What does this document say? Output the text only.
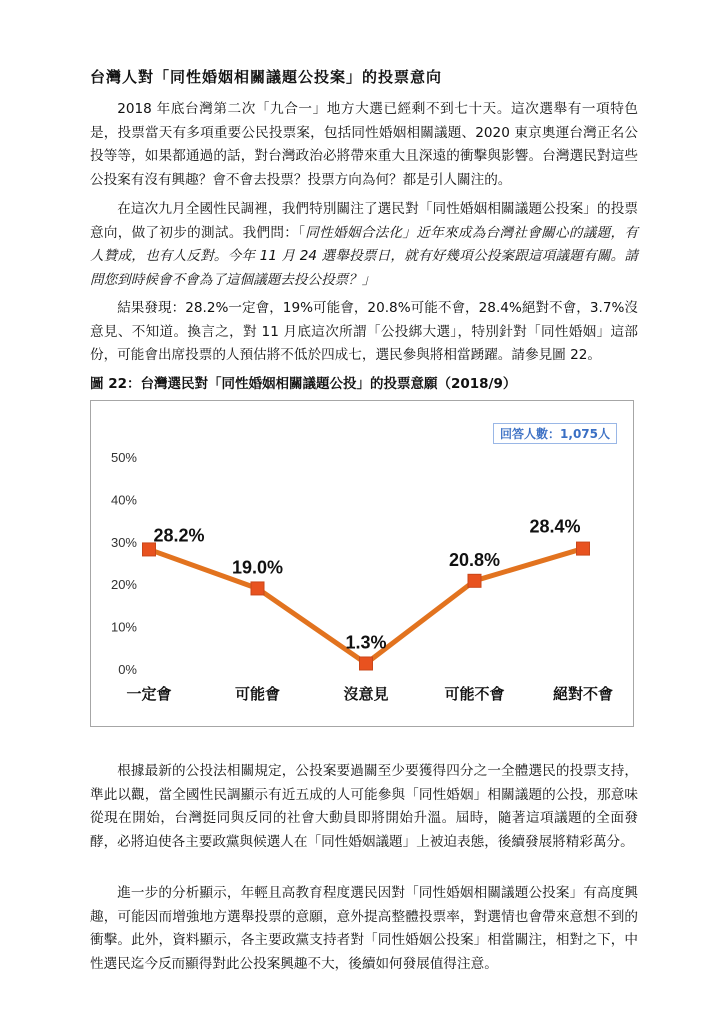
台灣人對「同性婚姻相關議題公投案」的投票意向

2018 年底台灣第二次「九合一」地方大選已經剩不到七十天。這次選舉有一項特色是，投票當天有多項重要公民投票案，包括同性婚姻相關議題、2020 東京奧運台灣正名公投等等，如果都通過的話，對台灣政治必將帶來重大且深遠的衝擊與影響。台灣選民對這些公投案有沒有興趣？會不會去投票？投票方向為何？都是引人關注的。

在這次九月全國性民調裡，我們特別關注了選民對「同性婚姻相關議題公投案」的投票意向，做了初步的測試。我們問：「同性婚姻合法化」近年來成為台灣社會關心的議題，有人贊成，也有人反對。今年 11 月 24 選舉投票日，就有好幾項公投案跟這項議題有關。請問您到時候會不會為了這個議題去投公投票？」

結果發現：28.2%一定會，19%可能會，20.8%可能不會，28.4%絕對不會，3.7%沒意見、不知道。換言之，對 11 月底這次所謂「公投綁大選」，特別針對「同性婚姻」這部份，可能會出席投票的人預估將不低於四成七，選民參與將相當踴躍。請參見圖 22。

圖 22：台灣選民對「同性婚姻相關議題公投」的投票意願（2018/9）
回答人數：1,075人
0%
10%
20%
30%
40%
50%
一定會	可能會	沒意見	可能不會	絕對不會
28.2%
19.0%
1.3%
20.8%
28.4%

根據最新的公投法相關規定，公投案要過關至少要獲得四分之一全體選民的投票支持，準此以觀，當全國性民調顯示有近五成的人可能參與「同性婚姻」相關議題的公投，那意味從現在開始，台灣挺同與反同的社會大動員即將開始升溫。屆時，隨著這項議題的全面發酵，必將迫使各主要政黨與候選人在「同性婚姻議題」上被迫表態，後續發展將精彩萬分。

進一步的分析顯示，年輕且高教育程度選民因對「同性婚姻相關議題公投案」有高度興趣，可能因而增強地方選舉投票的意願，意外提高整體投票率，對選情也會帶來意想不到的衝擊。此外，資料顯示，各主要政黨支持者對「同性婚姻公投案」相當關注，相對之下，中性選民迄今反而顯得對此公投案興趣不大，後續如何發展值得注意。
